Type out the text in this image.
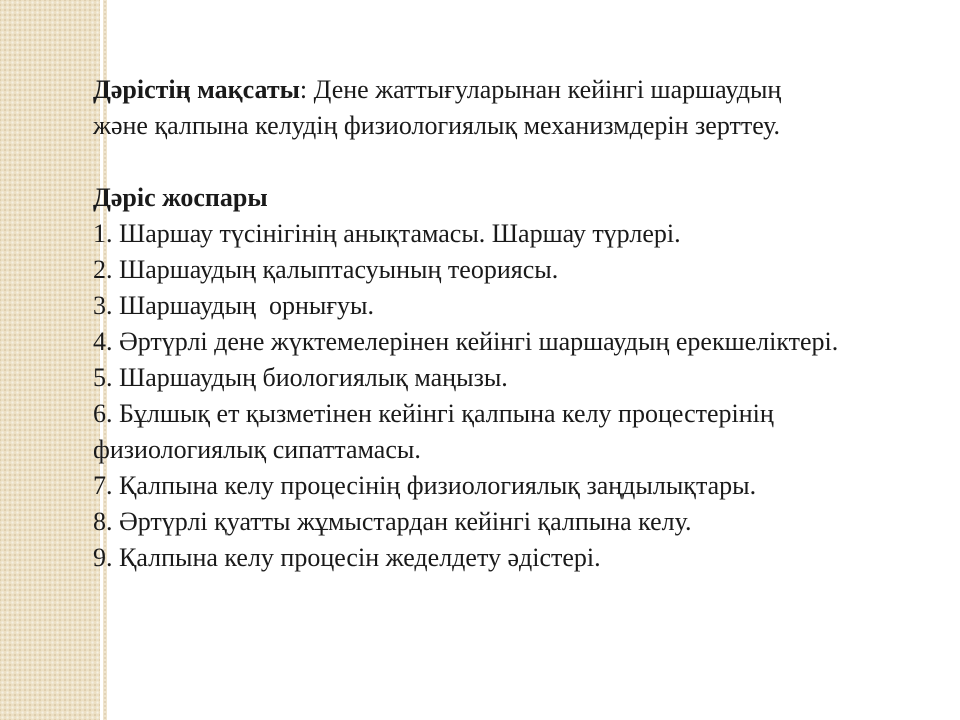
Дәрістің мақсаты: Дене жаттығуларынан кейінгі шаршаудың және қалпына келудің физиологиялық механизмдерін зерттеу.

Дәріс жоспары

1. Шаршау түсінігінің анықтамасы. Шаршау түрлері.

2. Шаршаудың қалыптасуының теориясы.

3. Шаршаудың  орнығуы.

4. Әртүрлі дене жүктемелерінен кейінгі шаршаудың ерекшеліктері.

5. Шаршаудың биологиялық маңызы.

6. Бұлшық ет қызметінен кейінгі қалпына келу процестерінің физиологиялық сипаттамасы.

7. Қалпына келу процесінің физиологиялық заңдылықтары.

8. Әртүрлі қуатты жұмыстардан кейінгі қалпына келу.

9. Қалпына келу процесін жеделдету әдістері.
